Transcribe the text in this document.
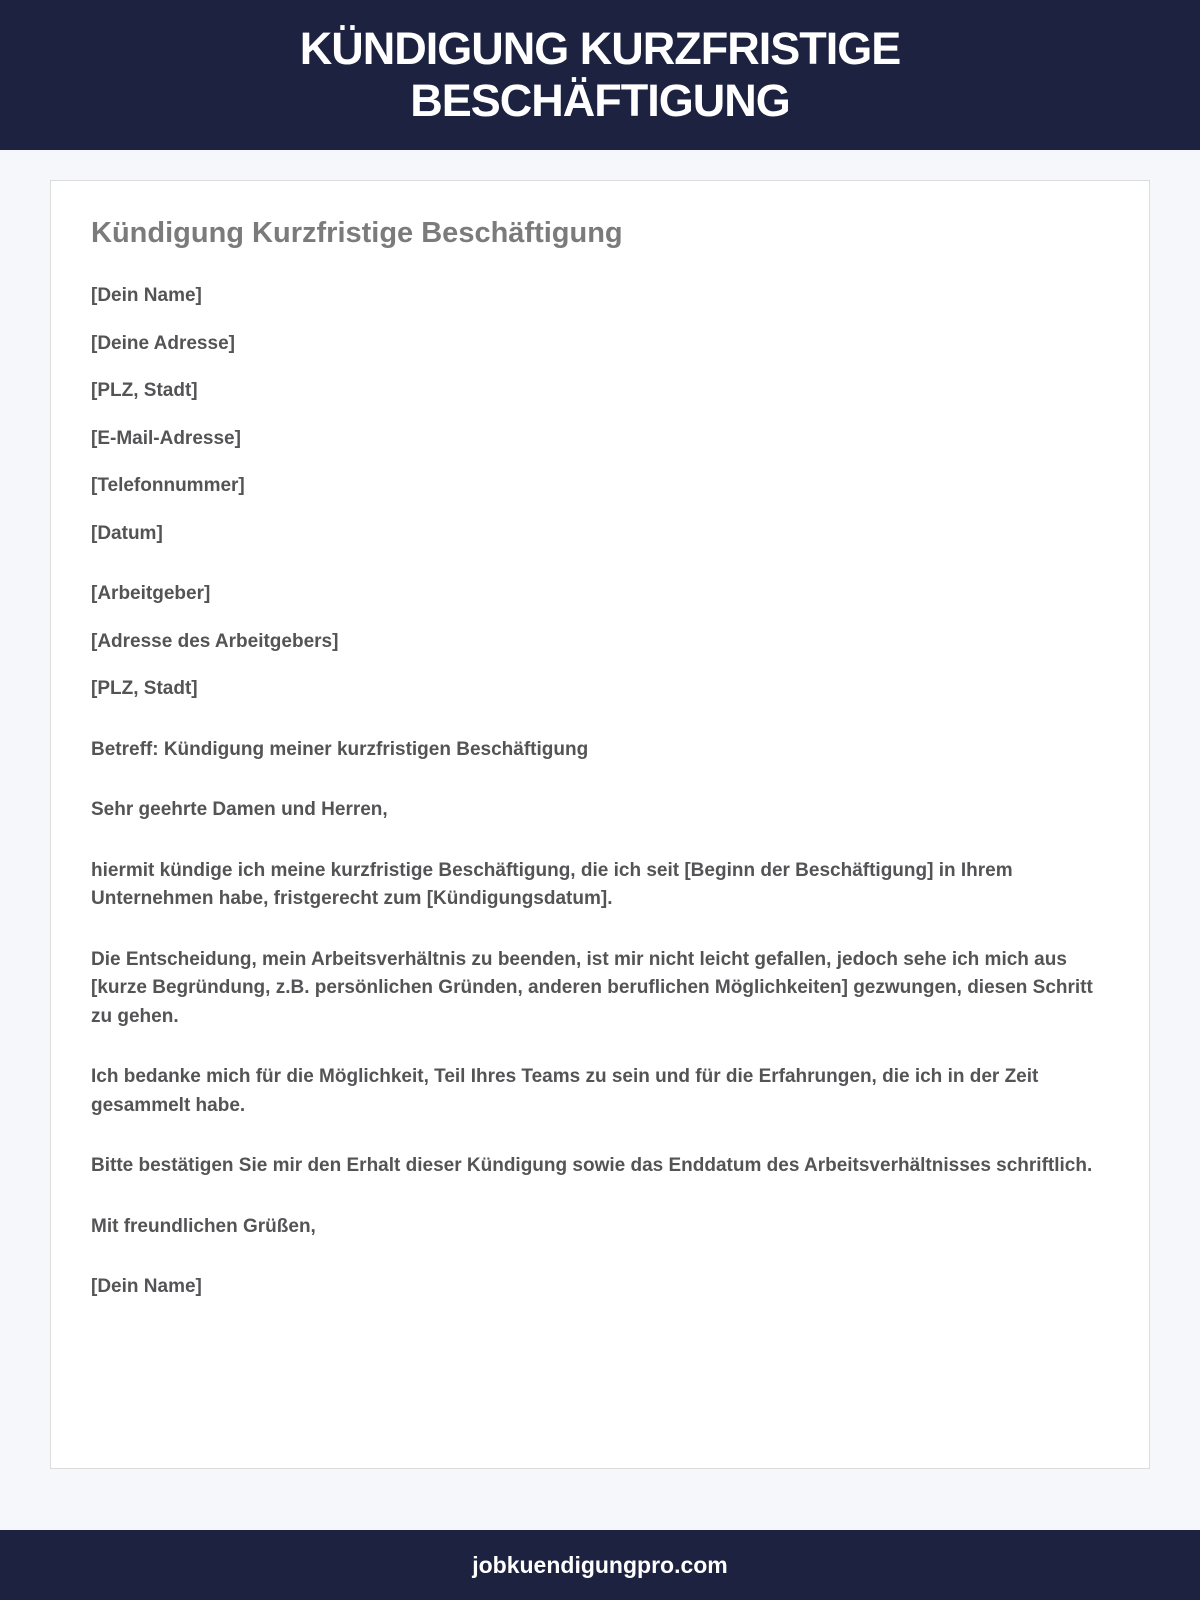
KÜNDIGUNG KURZFRISTIGE BESCHÄFTIGUNG
Kündigung Kurzfristige Beschäftigung

[Dein Name]

[Deine Adresse]

[PLZ, Stadt]

[E-Mail-Adresse]

[Telefonnummer]

[Datum]

[Arbeitgeber]

[Adresse des Arbeitgebers]

[PLZ, Stadt]

Betreff: Kündigung meiner kurzfristigen Beschäftigung

Sehr geehrte Damen und Herren,

hiermit kündige ich meine kurzfristige Beschäftigung, die ich seit [Beginn der Beschäftigung] in Ihrem Unternehmen habe, fristgerecht zum [Kündigungsdatum].

Die Entscheidung, mein Arbeitsverhältnis zu beenden, ist mir nicht leicht gefallen, jedoch sehe ich mich aus [kurze Begründung, z.B. persönlichen Gründen, anderen beruflichen Möglichkeiten] gezwungen, diesen Schritt zu gehen.

Ich bedanke mich für die Möglichkeit, Teil Ihres Teams zu sein und für die Erfahrungen, die ich in der Zeit gesammelt habe.

Bitte bestätigen Sie mir den Erhalt dieser Kündigung sowie das Enddatum des Arbeitsverhältnisses schriftlich.

Mit freundlichen Grüßen,

[Dein Name]

jobkuendigungpro.com
